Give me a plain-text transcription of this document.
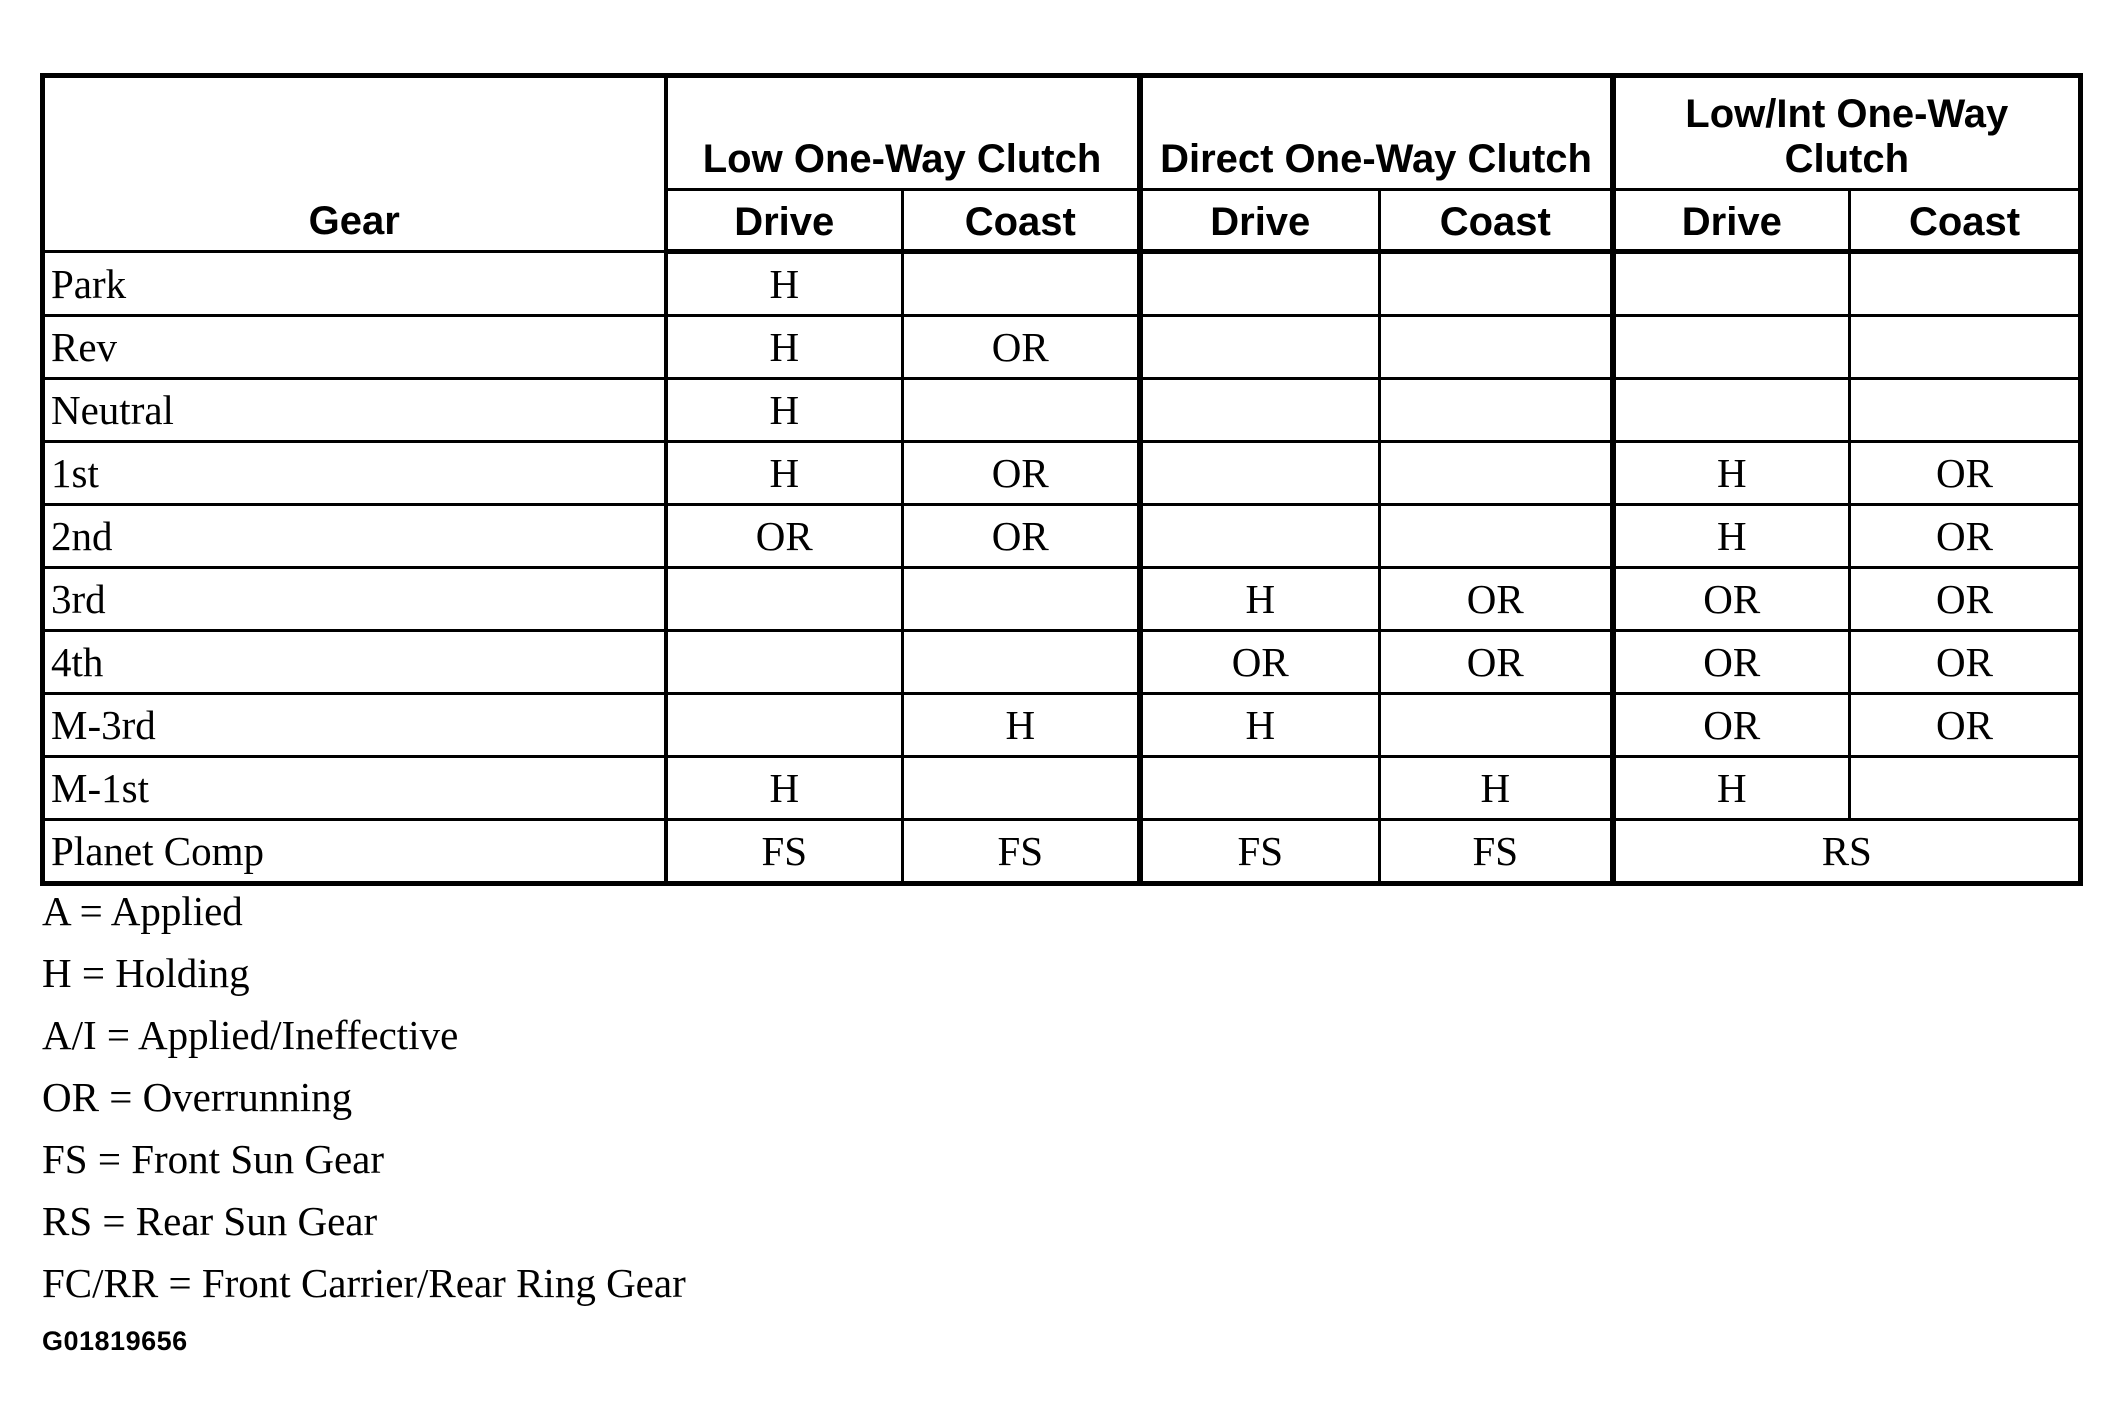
Gear	Low One-Way Clutch		Direct One-Way Clutch		Low/Int One-Way Clutch	
	Drive	Coast	Drive	Coast	Drive	Coast
Park	H					
Rev	H	OR				
Neutral	H					
1st	H	OR			H	OR
2nd	OR	OR			H	OR
3rd			H	OR	OR	OR
4th			OR	OR	OR	OR
M-3rd		H	H		OR	OR
M-1st	H			H	H	
Planet Comp	FS	FS	FS	FS	RS	
A = Applied
H = Holding
A/I = Applied/Ineffective
OR = Overrunning
FS = Front Sun Gear
RS = Rear Sun Gear
FC/RR = Front Carrier/Rear Ring Gear
G01819656
